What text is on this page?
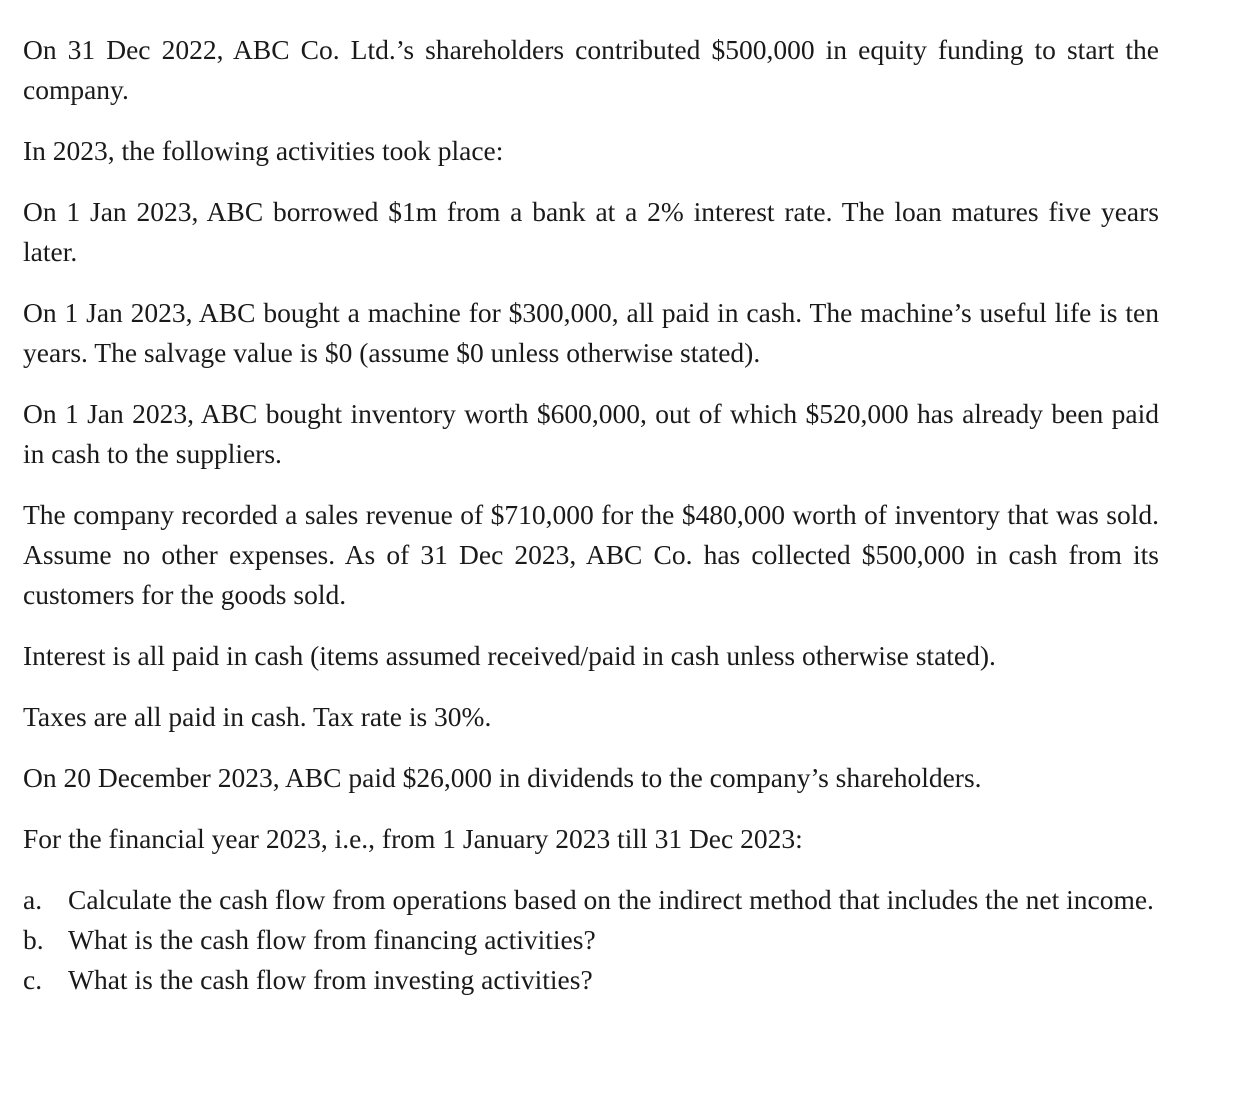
On 31 Dec 2022, ABC Co. Ltd.’s shareholders contributed $500,000 in equity funding to start the company.

In 2023, the following activities took place:

On 1 Jan 2023, ABC borrowed $1m from a bank at a 2% interest rate. The loan matures five years later.

On 1 Jan 2023, ABC bought a machine for $300,000, all paid in cash. The machine’s useful life is ten years. The salvage value is $0 (assume $0 unless otherwise stated).

On 1 Jan 2023, ABC bought inventory worth $600,000, out of which $520,000 has already been paid in cash to the suppliers.

The company recorded a sales revenue of $710,000 for the $480,000 worth of inventory that was sold. Assume no other expenses. As of 31 Dec 2023, ABC Co. has collected $500,000 in cash from its customers for the goods sold.

Interest is all paid in cash (items assumed received/paid in cash unless otherwise stated).

Taxes are all paid in cash. Tax rate is 30%.

On 20 December 2023, ABC paid $26,000 in dividends to the company’s shareholders.

For the financial year 2023, i.e., from 1 January 2023 till 31 Dec 2023:

a. Calculate the cash flow from operations based on the indirect method that includes the net income.
b. What is the cash flow from financing activities?
c. What is the cash flow from investing activities?
